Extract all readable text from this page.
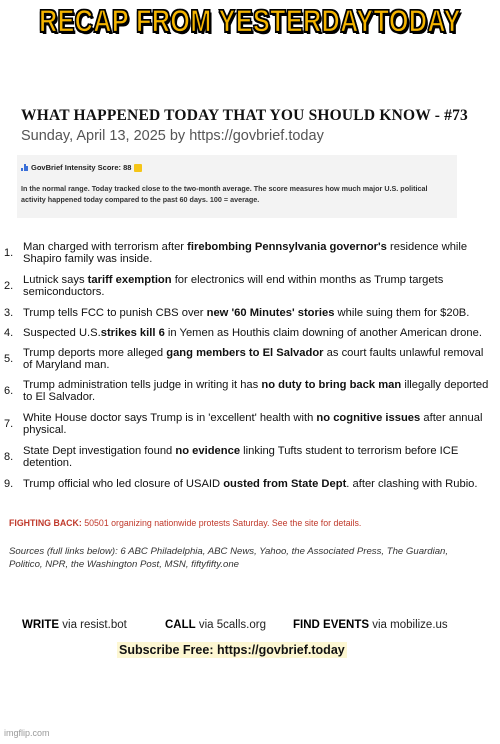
RECAP FROM YESTERDAYTODAY
WHAT HAPPENED TODAY THAT YOU SHOULD KNOW - #73
Sunday, April 13, 2025 by https://govbrief.today
GovBrief Intensity Score: 88
In the normal range. Today tracked close to the two-month average. The score measures how much major U.S. political activity happened today compared to the past 60 days. 100 = average.
1. Man charged with terrorism after firebombing Pennsylvania governor's residence while Shapiro family was inside.
2. Lutnick says tariff exemption for electronics will end within months as Trump targets semiconductors.
3. Trump tells FCC to punish CBS over new '60 Minutes' stories while suing them for $20B.
4. Suspected U.S.strikes kill 6 in Yemen as Houthis claim downing of another American drone.
5. Trump deports more alleged gang members to El Salvador as court faults unlawful removal of Maryland man.
6. Trump administration tells judge in writing it has no duty to bring back man illegally deported to El Salvador.
7. White House doctor says Trump is in 'excellent' health with no cognitive issues after annual physical.
8. State Dept investigation found no evidence linking Tufts student to terrorism before ICE detention.
9. Trump official who led closure of USAID ousted from State Dept. after clashing with Rubio.
FIGHTING BACK: 50501 organizing nationwide protests Saturday. See the site for details.
Sources (full links below): 6 ABC Philadelphia, ABC News, Yahoo, the Associated Press, The Guardian, Politico, NPR, the Washington Post, MSN, fiftyfifty.one
WRITE via resist.bot	CALL via 5calls.org FIND EVENTS via mobilize.us
Subscribe Free: https://govbrief.today
imgflip.com
